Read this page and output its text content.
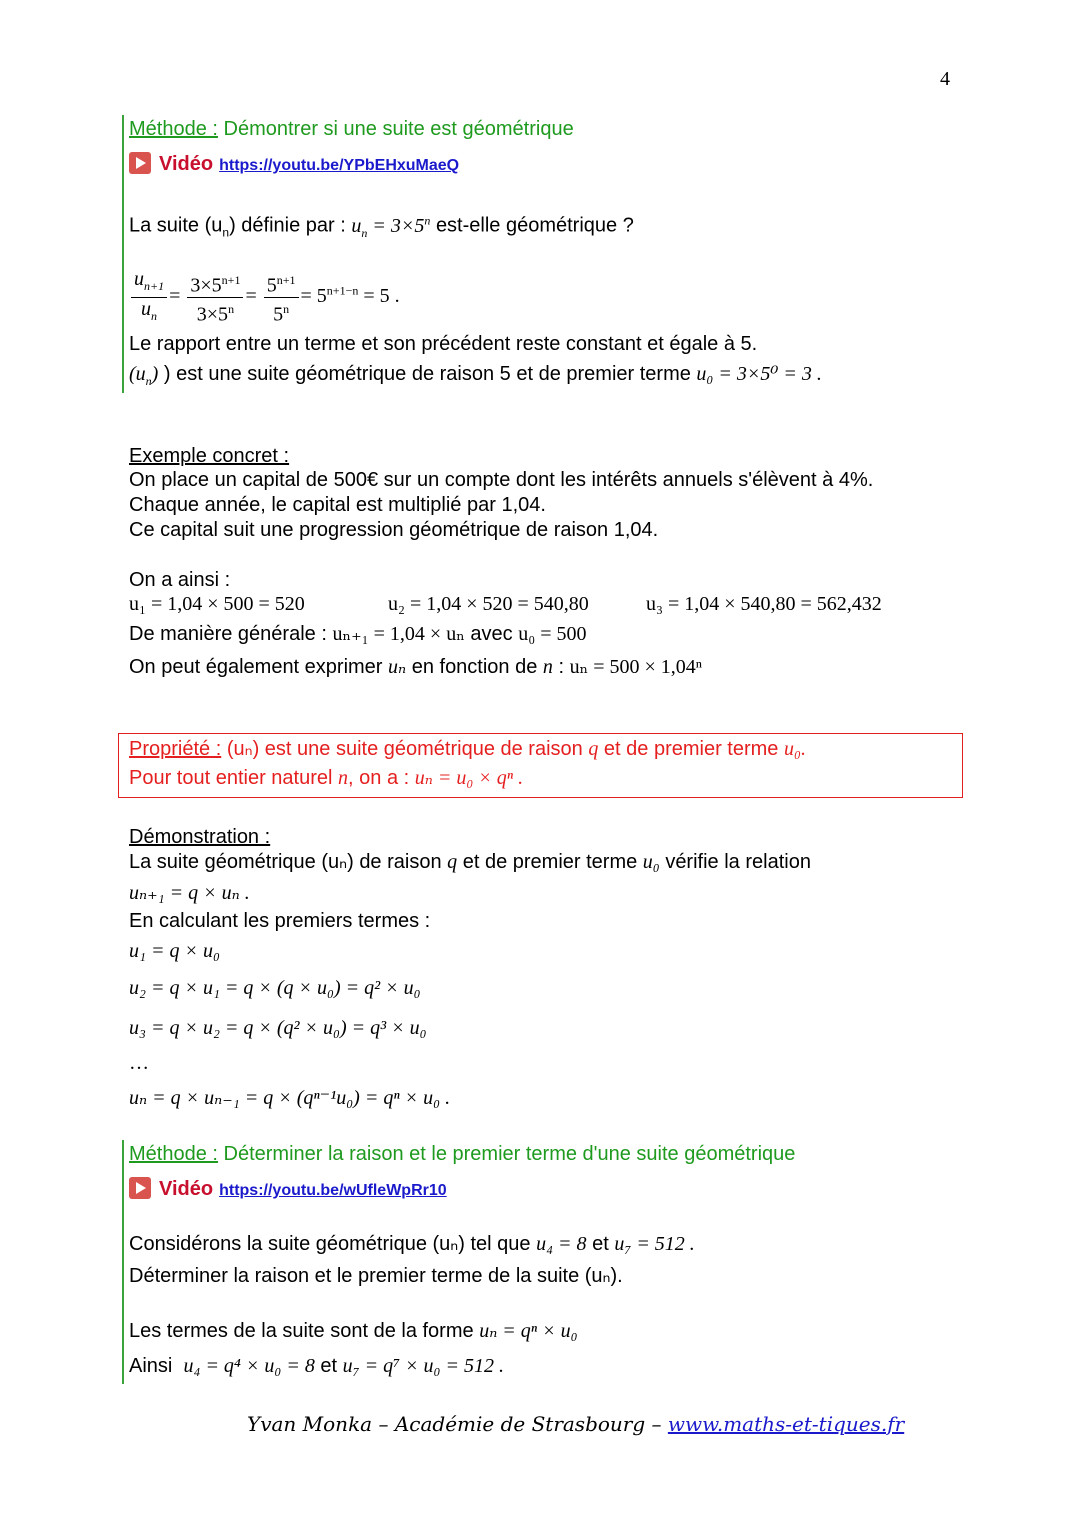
4
Méthode : Démontrer si une suite est géométrique
Vidéo https://youtu.be/YPbEHxuMaeQ
La suite $(u_n)$ définie par : $u_n = 3\times 5^n$ est-elle géométrique ?
$\frac{u_{n+1}}{u_n} = \frac{3\times 5^{n+1}}{3\times 5^n} = \frac{5^{n+1}}{5^n} = 5^{n+1-n} = 5$ .
Le rapport entre un terme et son précédent reste constant et égale à 5.
$(u_n)$ ) est une suite géométrique de raison 5 et de premier terme u₀ = 3×5⁰ = 3 .
Exemple concret :
On place un capital de 500€ sur un compte dont les intérêts annuels s'élèvent à 4%.
Chaque année, le capital est multiplié par 1,04.
Ce capital suit une progression géométrique de raison 1,04.
On a ainsi :
u₁ = 1,04 × 500 = 520	u₂ = 1,04 × 520 = 540,80	u₃ = 1,04 × 540,80 = 562,432
De manière générale : uₙ₊₁ = 1,04 × uₙ avec u₀ = 500
On peut également exprimer uₙ en fonction de n : uₙ = 500 × 1,04ⁿ
Propriété : (uₙ) est une suite géométrique de raison q et de premier terme u₀.
Pour tout entier naturel n, on a : uₙ = u₀ × qⁿ .
Démonstration :
La suite géométrique (uₙ) de raison q et de premier terme u₀ vérifie la relation
uₙ₊₁ = q × uₙ .
En calculant les premiers termes :
u₁ = q × u₀
u₂ = q × u₁ = q × (q × u₀) = q² × u₀
u₃ = q × u₂ = q × (q² × u₀) = q³ × u₀
…
uₙ = q × uₙ₋₁ = q × (qⁿ⁻¹u₀) = qⁿ × u₀ .
Méthode : Déterminer la raison et le premier terme d'une suite géométrique
Vidéo https://youtu.be/wUfleWpRr10
Considérons la suite géométrique (uₙ) tel que u₄ = 8 et u₇ = 512 .
Déterminer la raison et le premier terme de la suite (uₙ).
Les termes de la suite sont de la forme uₙ = qⁿ × u₀
Ainsi u₄ = q⁴ × u₀ = 8 et u₇ = q⁷ × u₀ = 512 .
Yvan Monka – Académie de Strasbourg – www.maths-et-tiques.fr
